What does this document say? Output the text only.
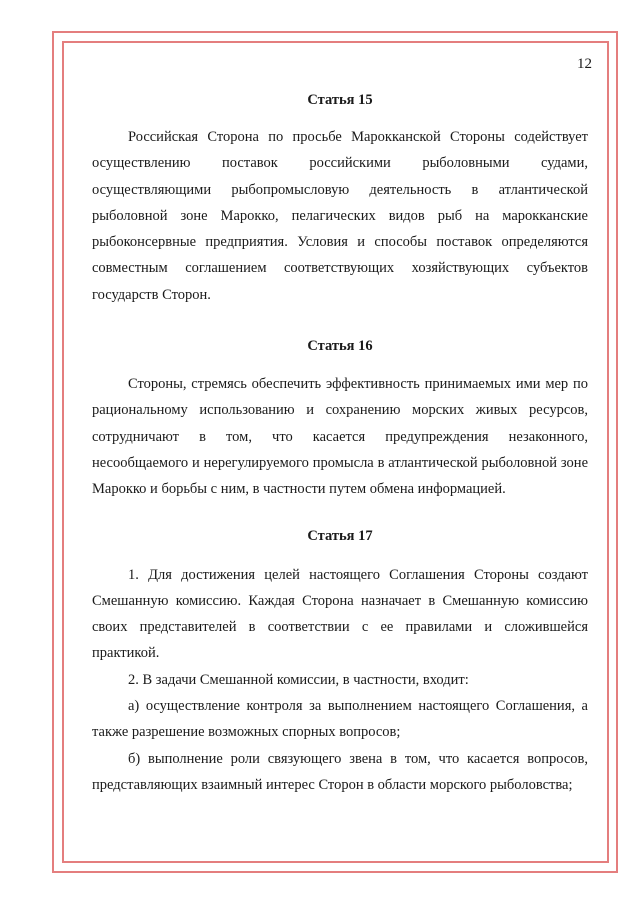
12
Статья 15

Российская Сторона по просьбе Марокканской Стороны содействует осуществлению поставок российскими рыболовными судами, осуществляющими рыбопромысловую деятельность в атлантической рыболовной зоне Марокко, пелагических видов рыб на марокканские рыбоконсервные предприятия. Условия и способы поставок определяются совместным соглашением соответствующих хозяйствующих субъектов государств Сторон.

Статья 16

Стороны, стремясь обеспечить эффективность принимаемых ими мер по рациональному использованию и сохранению морских живых ресурсов, сотрудничают в том, что касается предупреждения незаконного, несообщаемого и нерегулируемого промысла в атлантической рыболовной зоне Марокко и борьбы с ним, в частности путем обмена информацией.

Статья 17

1. Для достижения целей настоящего Соглашения Стороны создают Смешанную комиссию. Каждая Сторона назначает в Смешанную комиссию своих представителей в соответствии с ее правилами и сложившейся практикой.

2. В задачи Смешанной комиссии, в частности, входит:

а) осуществление контроля за выполнением настоящего Соглашения, а также разрешение возможных спорных вопросов;

б) выполнение роли связующего звена в том, что касается вопросов, представляющих взаимный интерес Сторон в области морского рыболовства;
